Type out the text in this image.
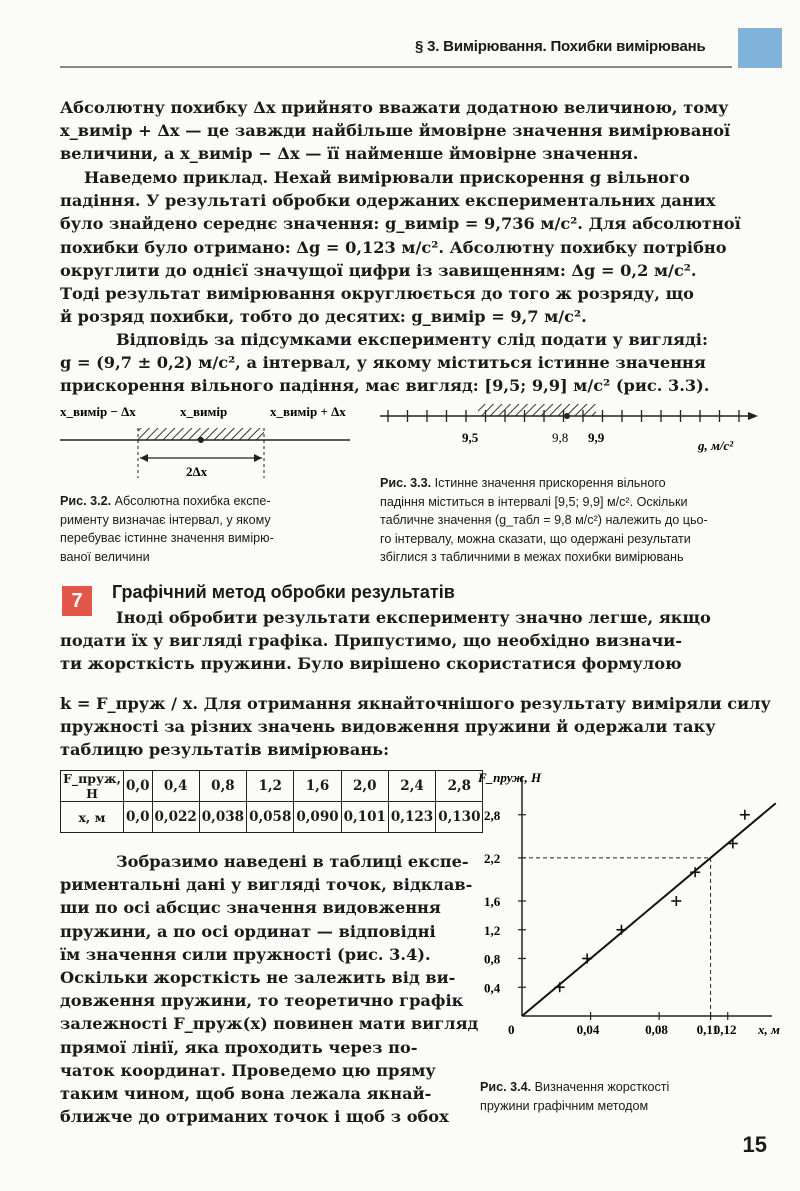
§ 3. Вимірювання. Похибки вимірювань
Абсолютну похибку Δx прийнято вважати додатною величиною, тому
x_вимір + Δx — це завжди найбільше ймовірне значення вимірюваної
величини, а x_вимір − Δx — її найменше ймовірне значення.
Наведемо приклад. Нехай вимірювали прискорення g вільного
падіння. У результаті обробки одержаних експериментальних даних
було знайдено середнє значення: g_вимір = 9,736 м/с². Для абсолютної
похибки було отримано: Δg = 0,123 м/с². Абсолютну похибку потрібно
округлити до однієї значущої цифри із завищенням: Δg = 0,2 м/с².
Тоді результат вимірювання округлюється до того ж розряду, що
й розряд похибки, тобто до десятих: g_вимір = 9,7 м/с².
Відповідь за підсумками експерименту слід подати у вигляді:
g = (9,7 ± 0,2) м/с², а інтервал, у якому міститься істинне значення
прискорення вільного падіння, має вигляд: [9,5; 9,9] м/с² (рис. 3.3).
x_вимір − Δx	x_вимір	x_вимір + Δx
2Δx
Рис. 3.2. Абсолютна похибка експе-
рименту визначає інтервал, у якому
перебуває істинне значення вимірю-
ваної величини
9,5	9,8 9,9
g, м/с²
Рис. 3.3. Істинне значення прискорення вільного
падіння міститься в інтервалі [9,5; 9,9] м/с². Оскільки
табличне значення (g_табл = 9,8 м/с²) належить до цьо-
го інтервалу, можна сказати, що одержані результати
збіглися з табличними в межах похибки вимірювань
7	Графічний метод обробки результатів
Іноді обробити результати експерименту значно легше, якщо
подати їх у вигляді графіка. Припустимо, що необхідно визначи-
ти жорсткість пружини. Було вирішено скористатися формулою
k = F_пруж / x. Для отримання якнайточнішого результату виміряли силу
пружності за різних значень видовження пружини й одержали таку
таблицю результатів вимірювань:
F_пруж, Н	0,0	0,4	0,8	1,2	1,6	2,0	2,4	2,8
x, м	0,0	0,022	0,038	0,058	0,090	0,101	0,123	0,130
Зобразимо наведені в таблиці експе-
риментальні дані у вигляді точок, відклав-
ши по осі абсцис значення видовження
пружини, а по осі ординат — відповідні
їм значення сили пружності (рис. 3.4).
Оскільки жорсткість не залежить від ви-
довження пружини, то теоретично графік
залежності F_пруж(x) повинен мати вигляд
прямої лінії, яка проходить через по-
чаток координат. Проведемо цю пряму
таким чином, щоб вона лежала якнай-
ближче до отриманих точок і щоб з обох
F_пруж, Н
x, м
0,4
0,8
1,2
1,6
2,2
2,8
0	0,04	0,08 0,11
0,12
Рис. 3.4. Визначення жорсткості
пружини графічним методом
15
